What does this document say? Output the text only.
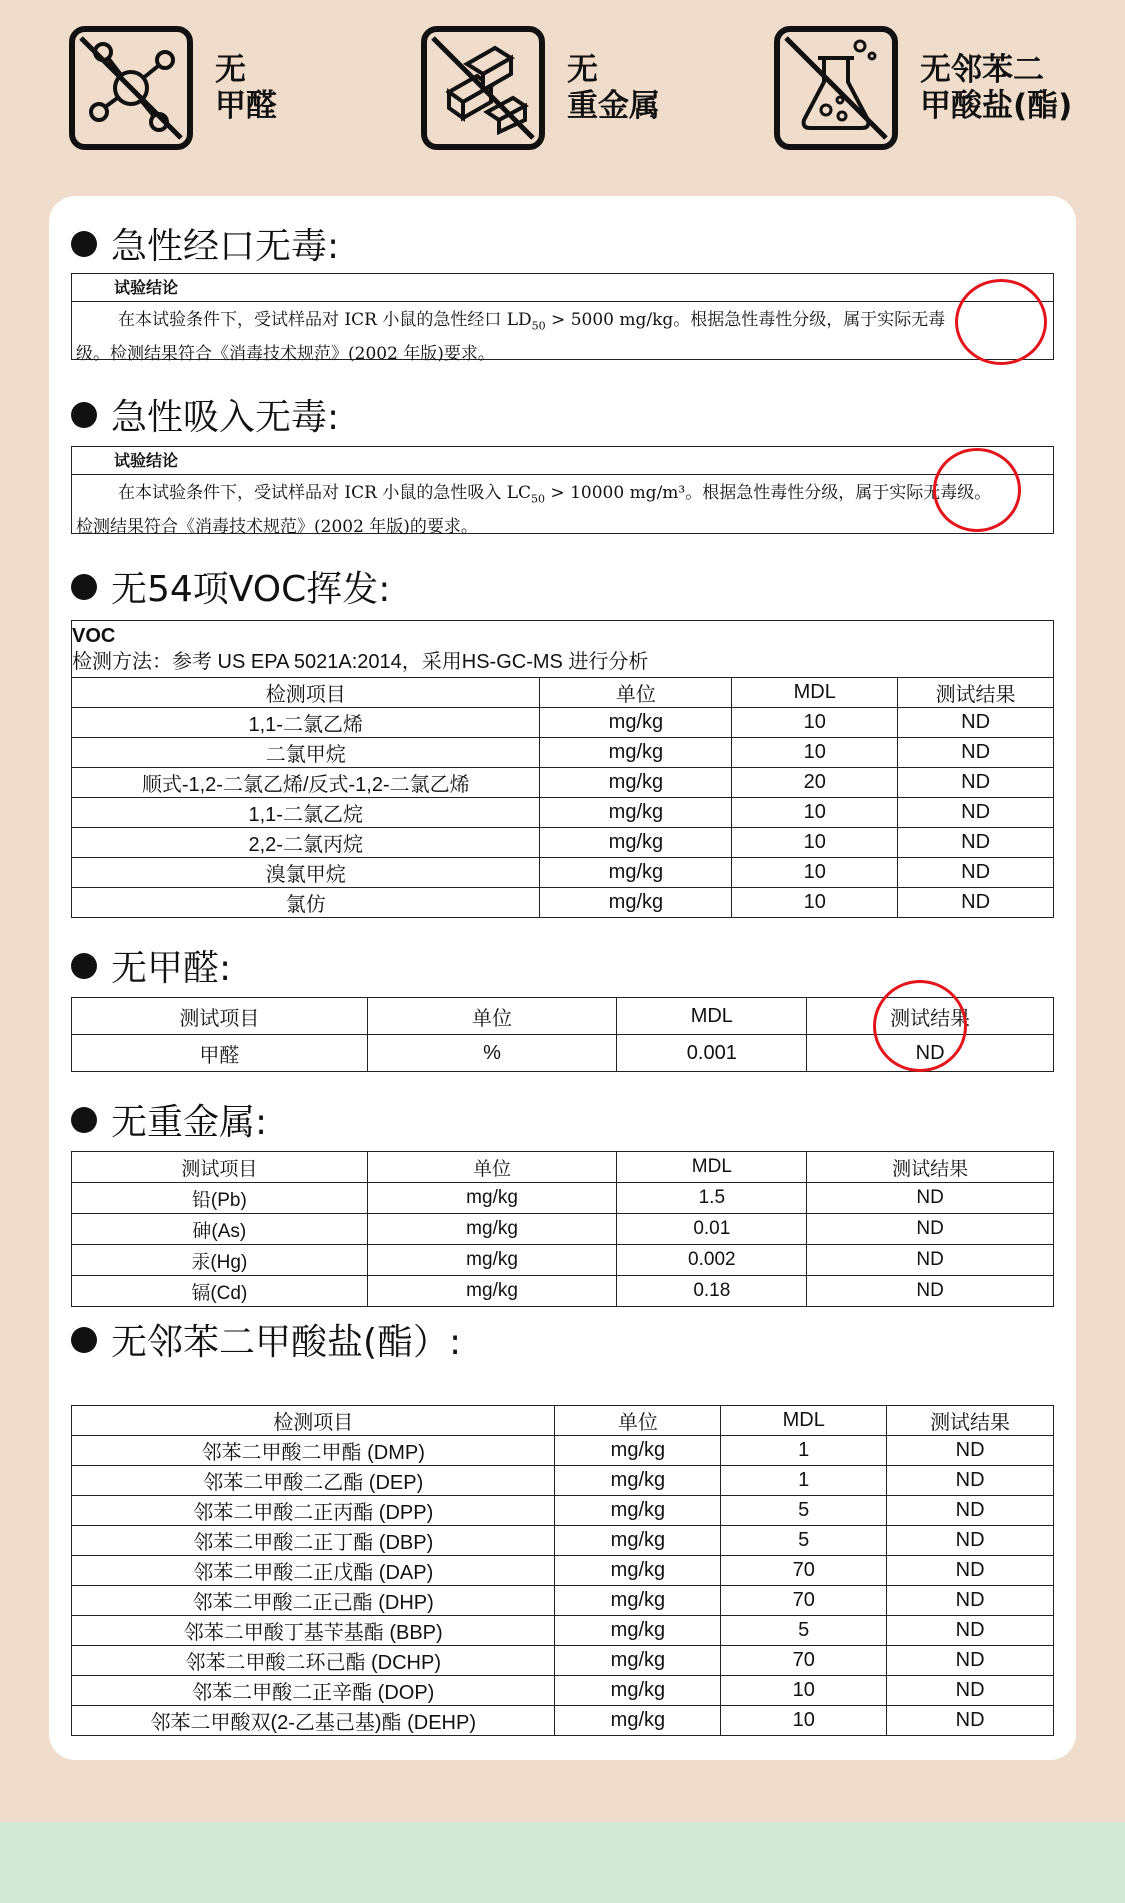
无
甲醛
无
重金属
无邻苯二
甲酸盐(酯)
急性经口无毒:
试验结论
在本试验条件下，受试样品对 ICR 小鼠的急性经口 $LD_{50} > 5000$ mg/kg。根据急性毒性分级，属于实际无毒
级。检测结果符合《消毒技术规范》(2002 年版)要求。
急性吸入无毒:
试验结论
在本试验条件下，受试样品对 ICR 小鼠的急性吸入 $LC_{50} > 10000$ mg/m³。根据急性毒性分级，属于实际无毒级。
检测结果符合《消毒技术规范》(2002 年版)的要求。
无54项VOC挥发:
VOC
检测方法：参考 US EPA 5021A:2014，采用HS-GC-MS 进行分析			

检测项目	单位	MDL	测试结果
1,1-二氯乙烯	mg/kg	10	ND
二氯甲烷	mg/kg	10	ND
顺式-1,2-二氯乙烯/反式-1,2-二氯乙烯	mg/kg	20	ND
1,1-二氯乙烷	mg/kg	10	ND
2,2-二氯丙烷	mg/kg	10	ND
溴氯甲烷	mg/kg	10	ND
氯仿	mg/kg	10	ND
无甲醛:
测试项目	单位	MDL	测试结果
甲醛	%	0.001	ND
无重金属:
测试项目	单位	MDL	测试结果
铅(Pb)	mg/kg	1.5	ND
砷(As)	mg/kg	0.01	ND
汞(Hg)	mg/kg	0.002	ND
镉(Cd)	mg/kg	0.18	ND
无邻苯二甲酸盐(酯）:
检测项目	单位	MDL	测试结果
邻苯二甲酸二甲酯 (DMP)	mg/kg	1	ND
邻苯二甲酸二乙酯 (DEP)	mg/kg	1	ND
邻苯二甲酸二正丙酯 (DPP)	mg/kg	5	ND
邻苯二甲酸二正丁酯 (DBP)	mg/kg	5	ND
邻苯二甲酸二正戊酯 (DAP)	mg/kg	70	ND
邻苯二甲酸二正己酯 (DHP)	mg/kg	70	ND
邻苯二甲酸丁基苄基酯 (BBP)	mg/kg	5	ND
邻苯二甲酸二环己酯 (DCHP)	mg/kg	70	ND
邻苯二甲酸二正辛酯 (DOP)	mg/kg	10	ND
邻苯二甲酸双(2-乙基己基)酯 (DEHP)	mg/kg	10	ND
